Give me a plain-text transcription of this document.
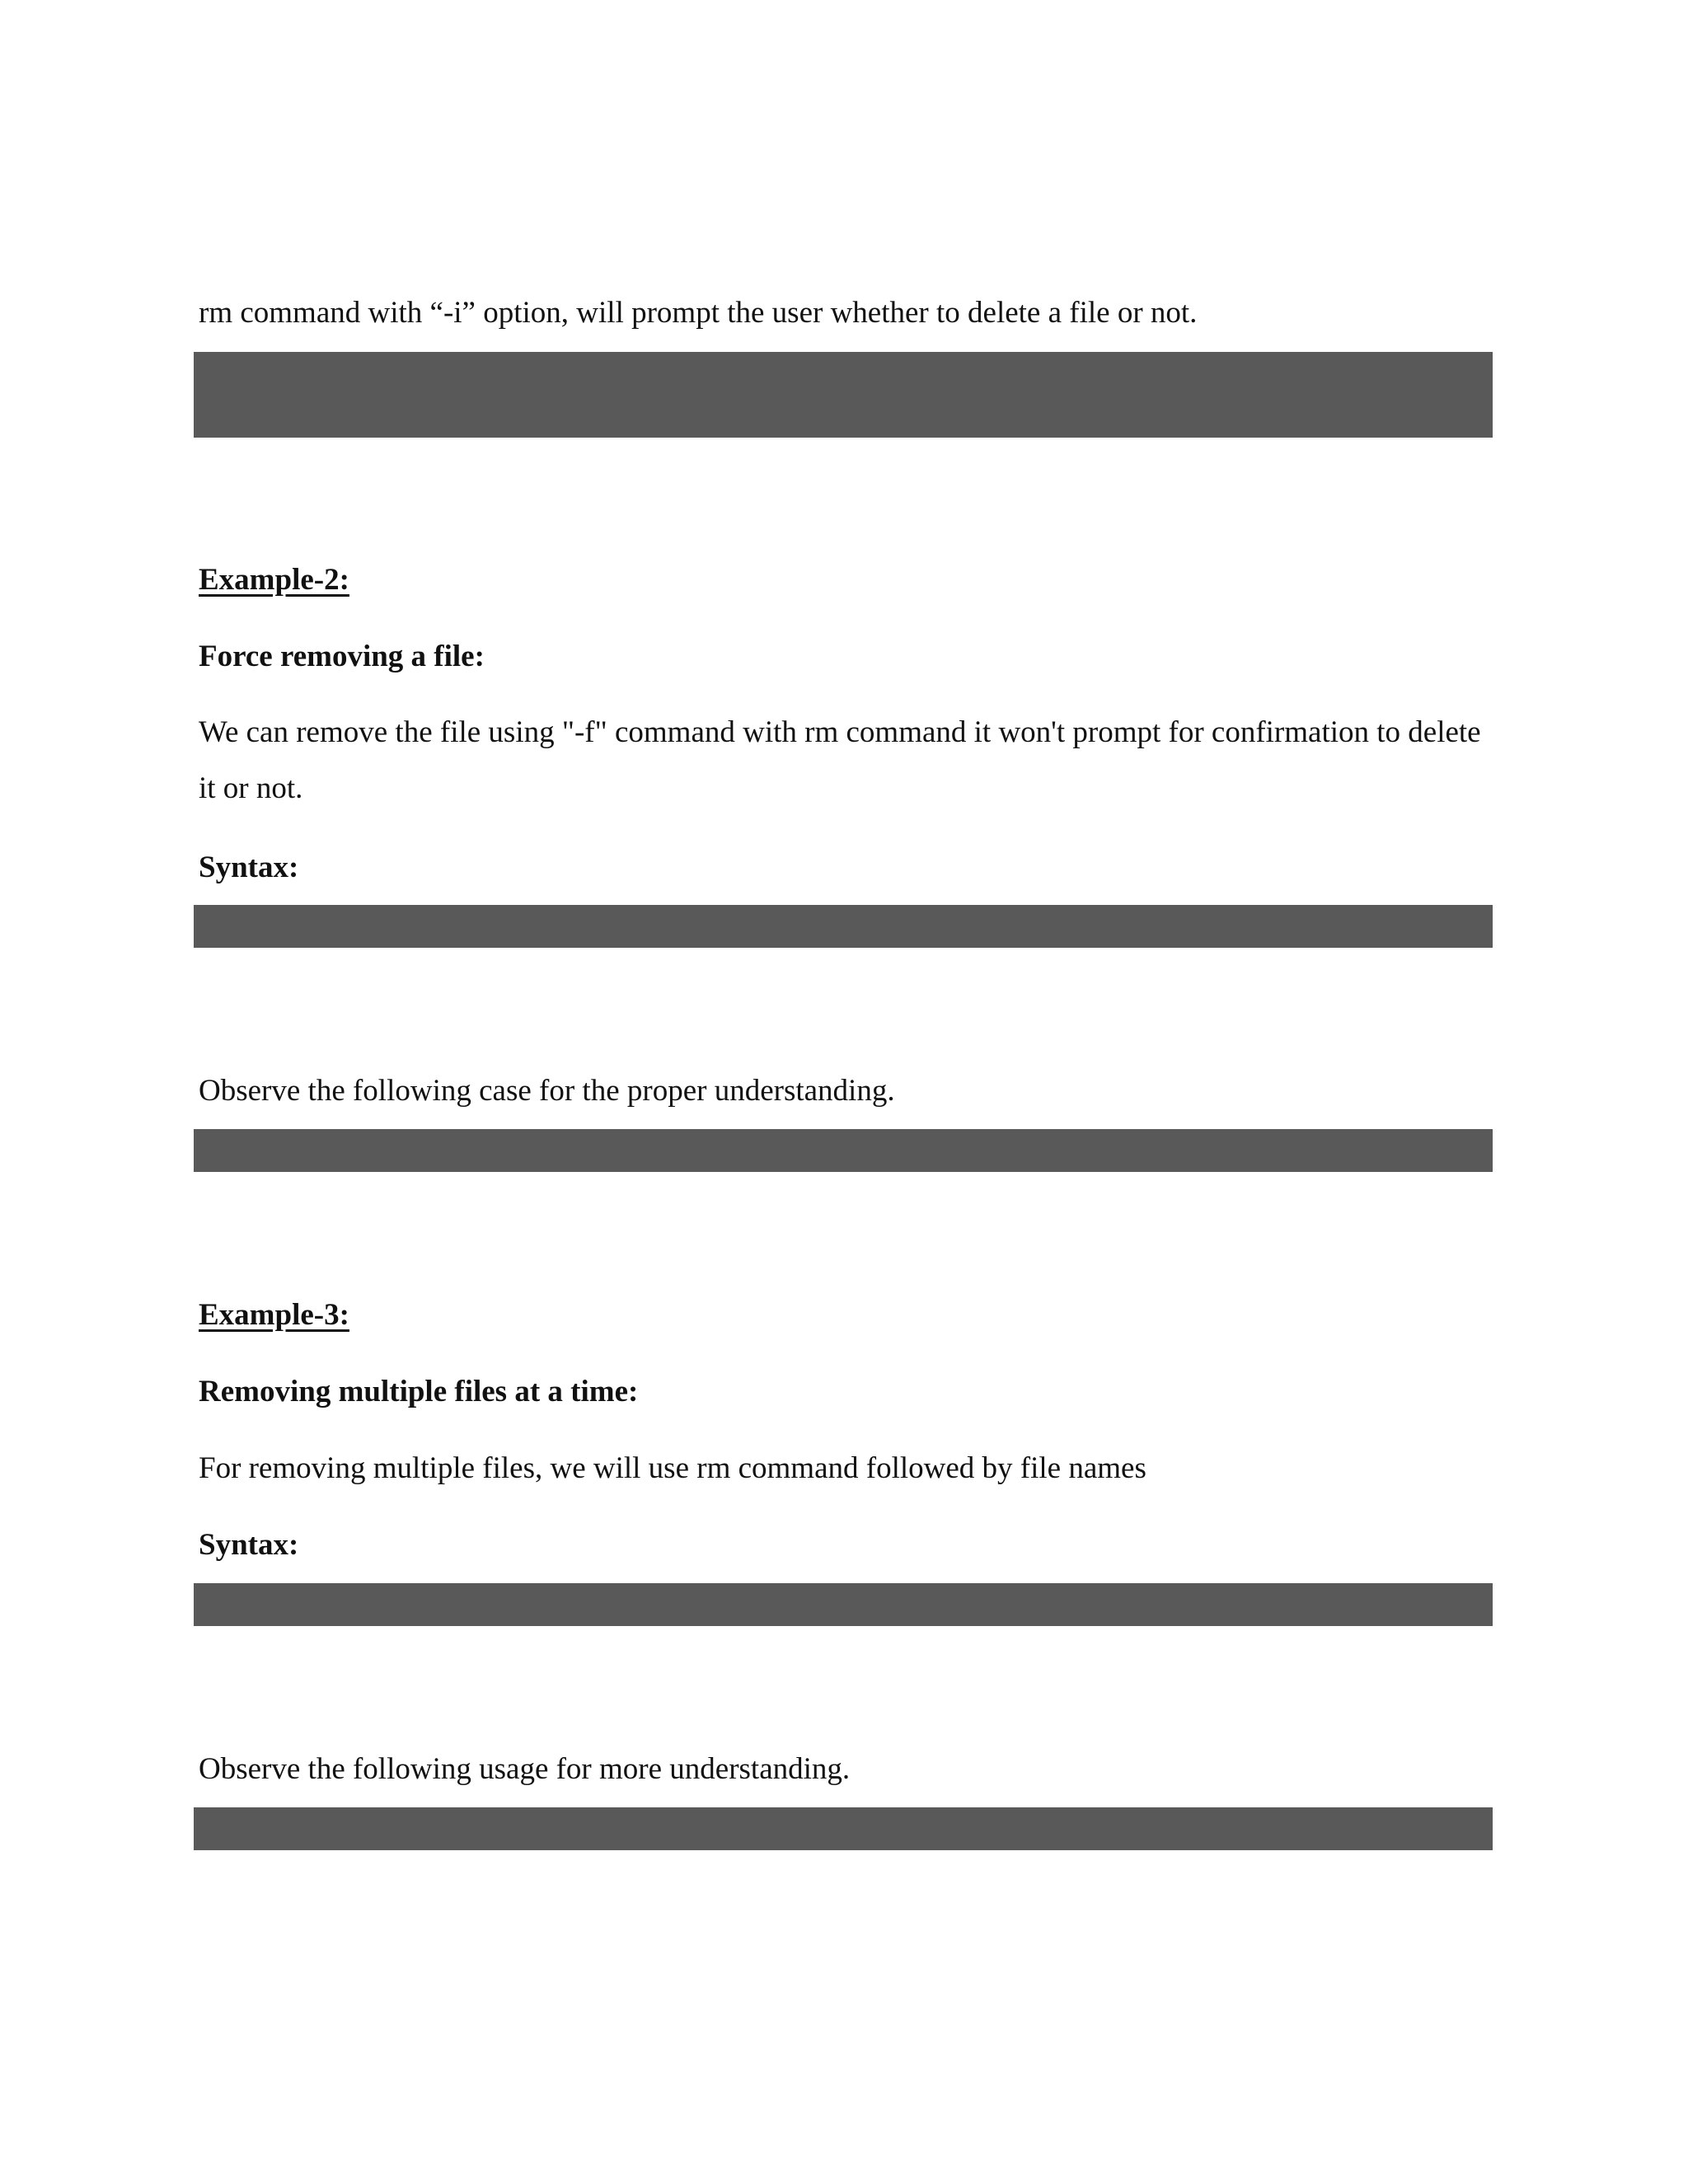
rm command with “-i” option, will prompt the user whether to delete a file or not.

Example-2:

Force removing a file:

We can remove the file using "-f" command with rm command it won't prompt for confirmation to delete it or not.

Syntax:

Observe the following case for the proper understanding.

Example-3:

Removing multiple files at a time:

For removing multiple files, we will use rm command followed by file names

Syntax:

Observe the following usage for more understanding.
